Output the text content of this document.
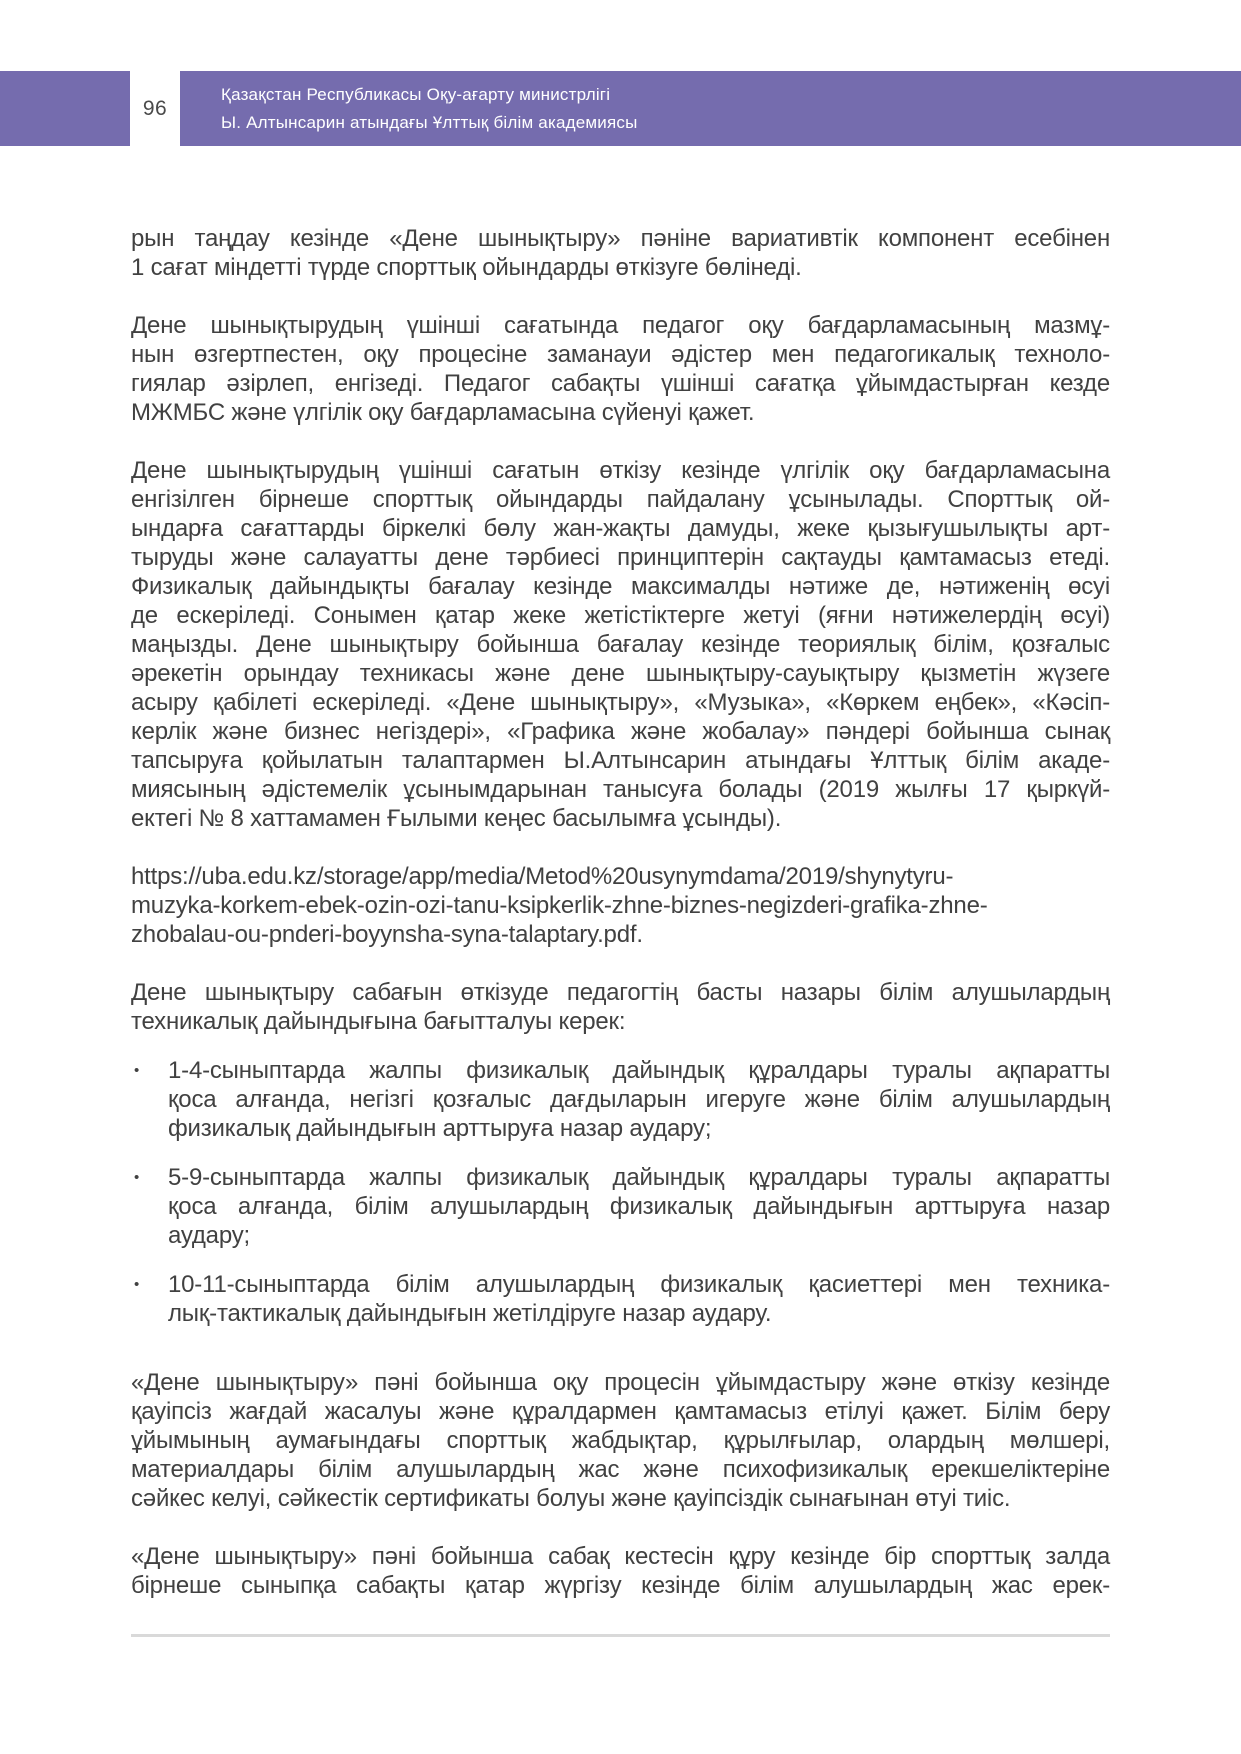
96
Қазақстан Республикасы Оқу-ағарту министрлігі
Ы. Алтынсарин атындағы Ұлттық білім академиясы
рын таңдау кезінде «Дене шынықтыру» пәніне вариативтік компонент есебінен
1 сағат міндетті түрде спорттық ойындарды өткізуге бөлінеді.
Дене шынықтырудың үшінші сағатында педагог оқу бағдарламасының мазмұ-
нын өзгертпестен, оқу процесіне заманауи әдістер мен педагогикалық техноло-
гиялар әзірлеп, енгізеді. Педагог сабақты үшінші сағатқа ұйымдастырған кезде
МЖМБС және үлгілік оқу бағдарламасына сүйенуі қажет.
Дене шынықтырудың үшінші сағатын өткізу кезінде үлгілік оқу бағдарламасына
енгізілген бірнеше спорттық ойындарды пайдалану ұсынылады. Спорттық ой-
ындарға сағаттарды біркелкі бөлу жан-жақты дамуды, жеке қызығушылықты арт-
тыруды және салауатты дене тәрбиесі принциптерін сақтауды қамтамасыз етеді.
Физикалық дайындықты бағалау кезінде максималды нәтиже де, нәтиженің өсуі
де ескеріледі. Сонымен қатар жеке жетістіктерге жетуі (яғни нәтижелердің өсуі)
маңызды. Дене шынықтыру бойынша бағалау кезінде теориялық білім, қозғалыс
әрекетін орындау техникасы және дене шынықтыру-сауықтыру қызметін жүзеге
асыру қабілеті ескеріледі. «Дене шынықтыру», «Музыка», «Көркем еңбек», «Кәсіп-
керлік және бизнес негіздері», «Графика және жобалау» пәндері бойынша сынақ
тапсыруға қойылатын талаптармен Ы.Алтынсарин атындағы Ұлттық білім акаде-
миясының әдістемелік ұсынымдарынан танысуға болады (2019 жылғы 17 қыркүй-
ектегі № 8 хаттамамен Ғылыми кеңес басылымға ұсынды).
https://uba.edu.kz/storage/app/media/Metod%20usynymdama/2019/shynytyru-
muzyka-korkem-ebek-ozin-ozi-tanu-ksipkerlik-zhne-biznes-negizderi-grafika-zhne-
zhobalau-ou-pnderi-boyynsha-syna-talaptary.pdf.
Дене шынықтыру сабағын өткізуде педагогтің басты назары білім алушылардың
техникалық дайындығына бағытталуы керек:
•	1-4-сыныптарда жалпы физикалық дайындық құралдары туралы ақпаратты
қоса алғанда, негізгі қозғалыс дағдыларын игеруге және білім алушылардың
физикалық дайындығын арттыруға назар аудару;
•	5-9-сыныптарда жалпы физикалық дайындық құралдары туралы ақпаратты
қоса алғанда, білім алушылардың физикалық дайындығын арттыруға назар
аудару;
•	10-11-сыныптарда білім алушылардың физикалық қасиеттері мен техника-
лық-тактикалық дайындығын жетілдіруге назар аудару.
«Дене шынықтыру» пәні бойынша оқу процесін ұйымдастыру және өткізу кезінде
қауіпсіз жағдай жасалуы және құралдармен қамтамасыз етілуі қажет. Білім беру
ұйымының аумағындағы спорттық жабдықтар, құрылғылар, олардың мөлшері,
материалдары білім алушылардың жас және психофизикалық ерекшеліктеріне
сәйкес келуі, сәйкестік сертификаты болуы және қауіпсіздік сынағынан өтуі тиіс.
«Дене шынықтыру» пәні бойынша сабақ кестесін құру кезінде бір спорттық залда
бірнеше сыныпқа сабақты қатар жүргізу кезінде білім алушылардың жас ерек-
